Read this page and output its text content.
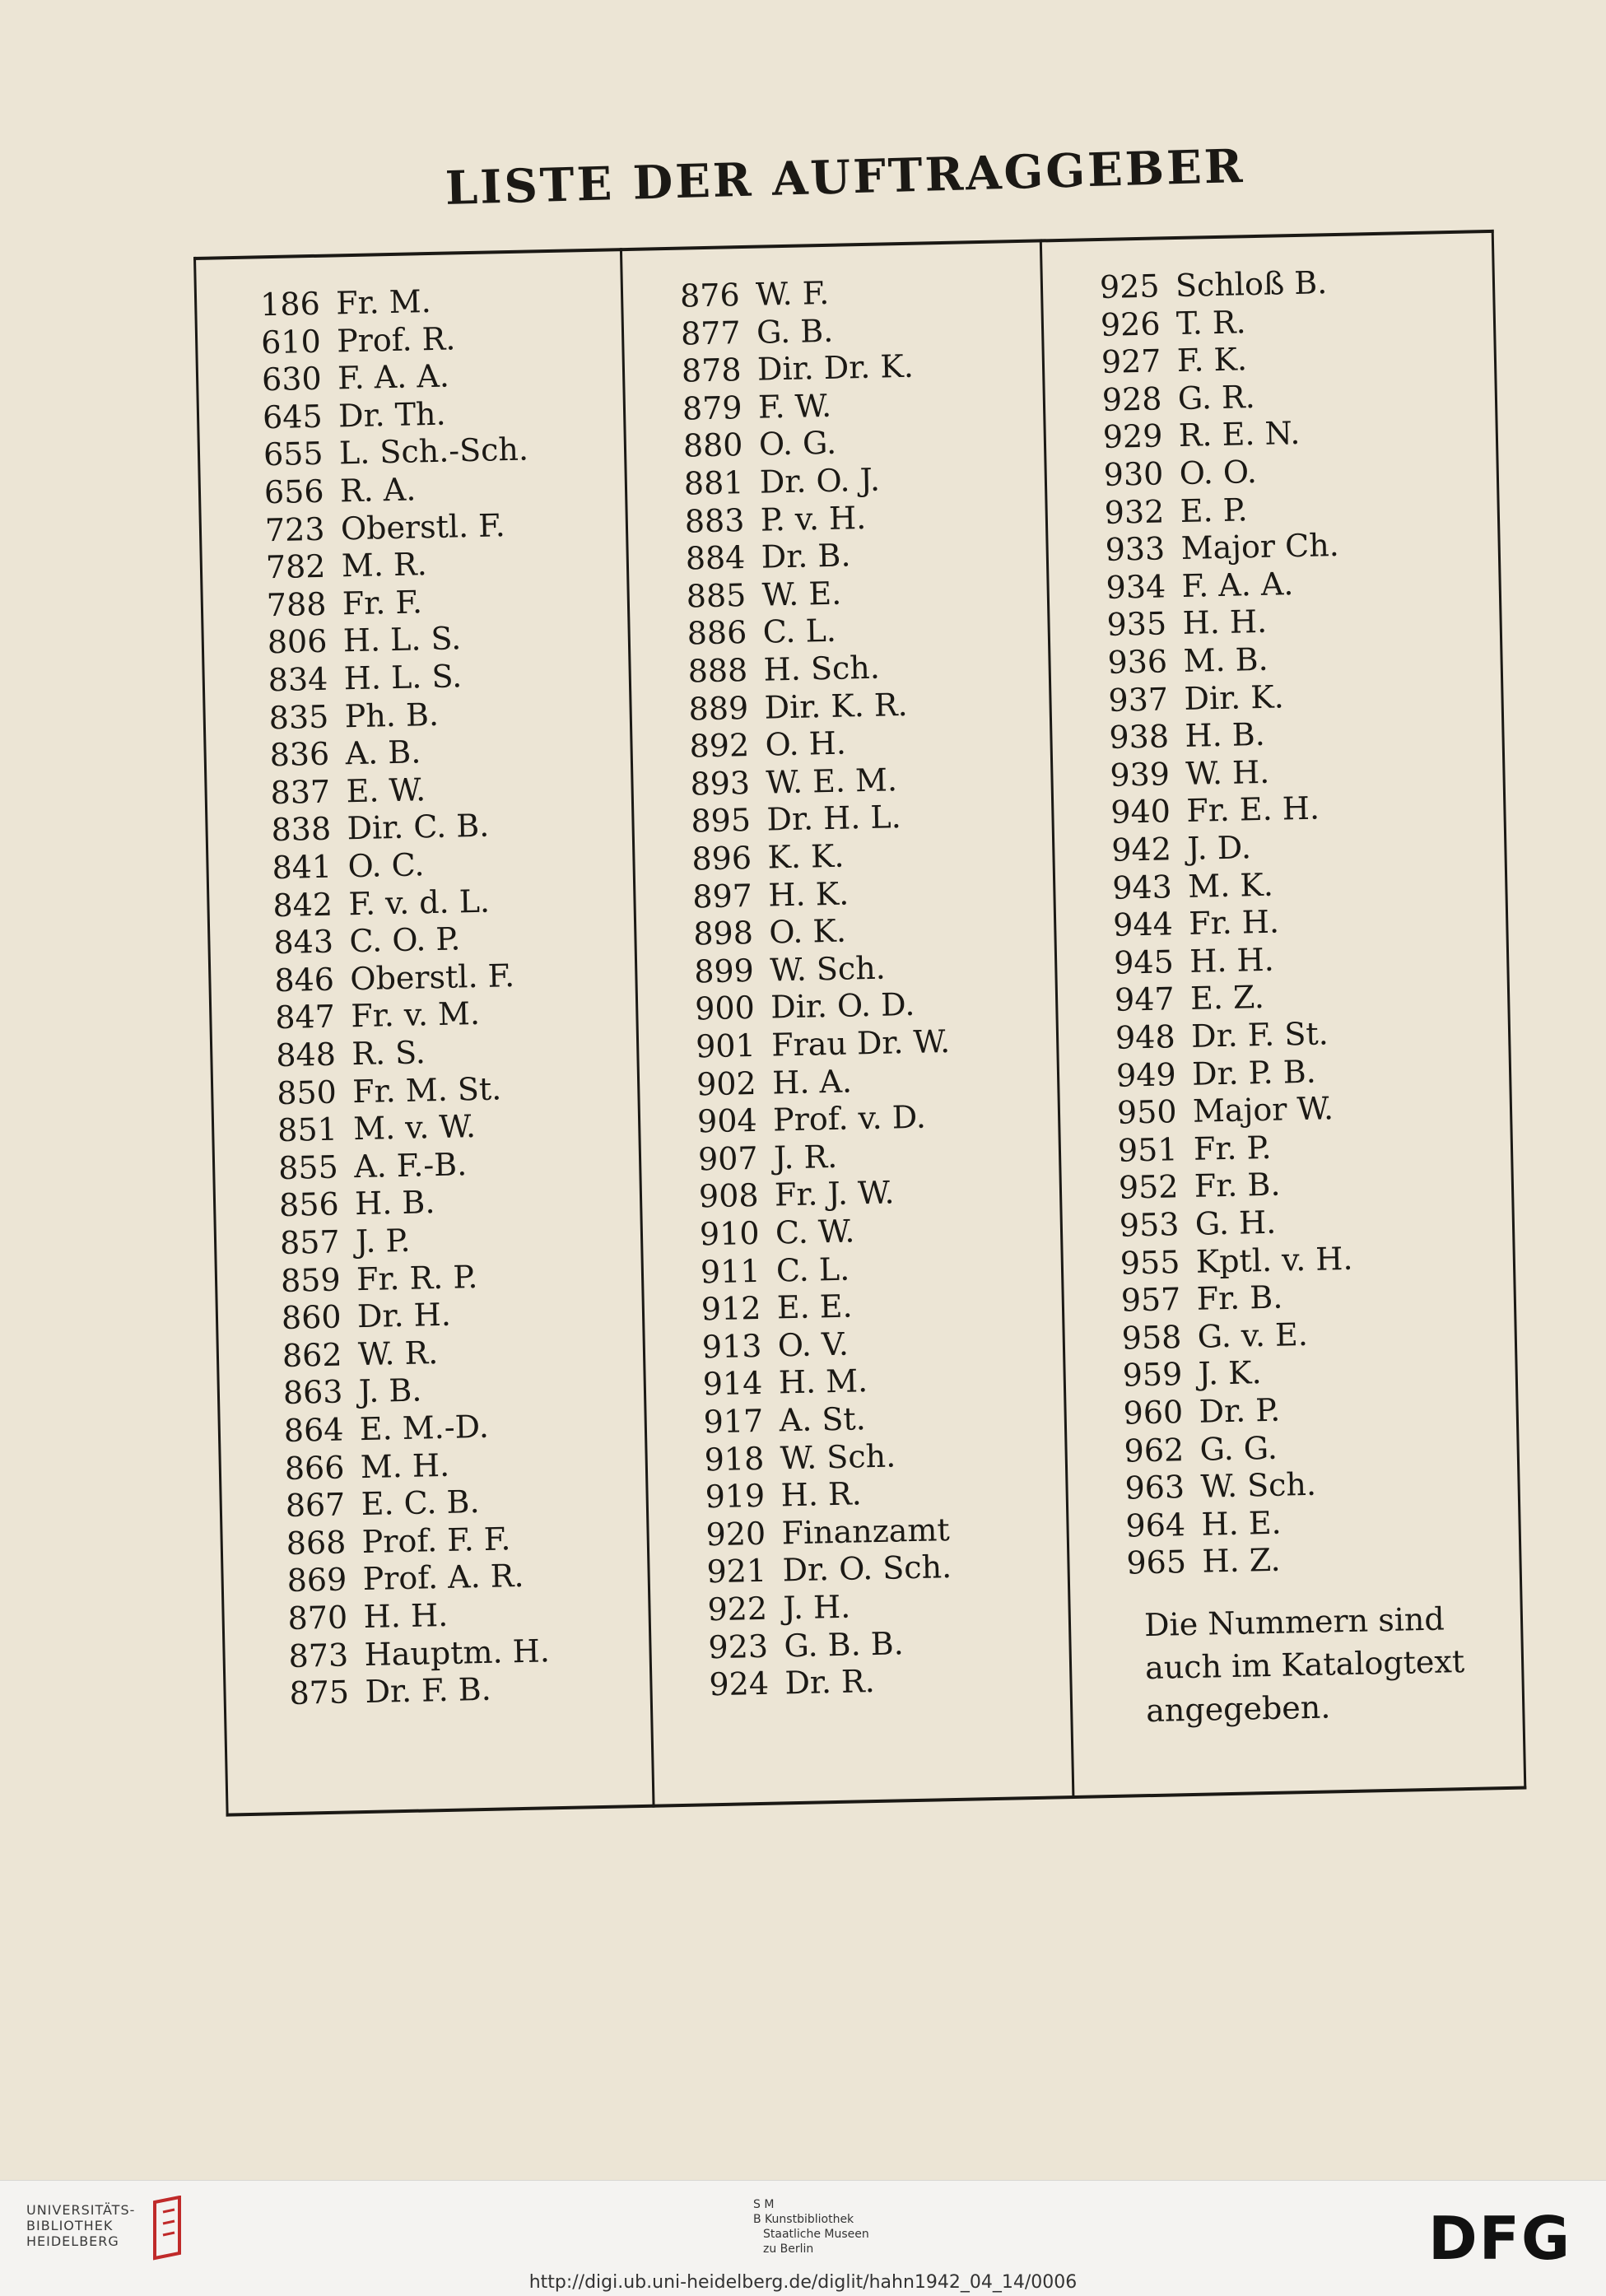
LISTE DER AUFTRAGGEBER
186 Fr. M.
610 Prof. R.
630 F. A. A.
645 Dr. Th.
655 L. Sch.-Sch.
656 R. A.
723 Oberstl. F.
782 M. R.
788 Fr. F.
806 H. L. S.
834 H. L. S.
835 Ph. B.
836 A. B.
837 E. W.
838 Dir. C. B.
841 O. C.
842 F. v. d. L.
843 C. O. P.
846 Oberstl. F.
847 Fr. v. M.
848 R. S.
850 Fr. M. St.
851 M. v. W.
855 A. F.-B.
856 H. B.
857 J. P.
859 Fr. R. P.
860 Dr. H.
862 W. R.
863 J. B.
864 E. M.-D.
866 M. H.
867 E. C. B.
868 Prof. F. F.
869 Prof. A. R.
870 H. H.
873 Hauptm. H.
875 Dr. F. B.
876 W. F.
877 G. B.
878 Dir. Dr. K.
879 F. W.
880 O. G.
881 Dr. O. J.
883 P. v. H.
884 Dr. B.
885 W. E.
886 C. L.
888 H. Sch.
889 Dir. K. R.
892 O. H.
893 W. E. M.
895 Dr. H. L.
896 K. K.
897 H. K.
898 O. K.
899 W. Sch.
900 Dir. O. D.
901 Frau Dr. W.
902 H. A.
904 Prof. v. D.
907 J. R.
908 Fr. J. W.
910 C. W.
911 C. L.
912 E. E.
913 O. V.
914 H. M.
917 A. St.
918 W. Sch.
919 H. R.
920 Finanzamt
921 Dr. O. Sch.
922 J. H.
923 G. B. B.
924 Dr. R.
925 Schloß B.
926 T. R.
927 F. K.
928 G. R.
929 R. E. N.
930 O. O.
932 E. P.
933 Major Ch.
934 F. A. A.
935 H. H.
936 M. B.
937 Dir. K.
938 H. B.
939 W. H.
940 Fr. E. H.
942 J. D.
943 M. K.
944 Fr. H.
945 H. H.
947 E. Z.
948 Dr. F. St.
949 Dr. P. B.
950 Major W.
951 Fr. P.
952 Fr. B.
953 G. H.
955 Kptl. v. H.
957 Fr. B.
958 G. v. E.
959 J. K.
960 Dr. P.
962 G. G.
963 W. Sch.
964 H. E.
965 H. Z.
Die Nummern sind
auch im Katalogtext
angegeben.
UNIVERSITÄTS-
BIBLIOTHEK
HEIDELBERG
S M
B Kunstbibliothek
Staatliche Museen
zu Berlin	DFG
http://digi.ub.uni-heidelberg.de/diglit/hahn1942_04_14/0006
